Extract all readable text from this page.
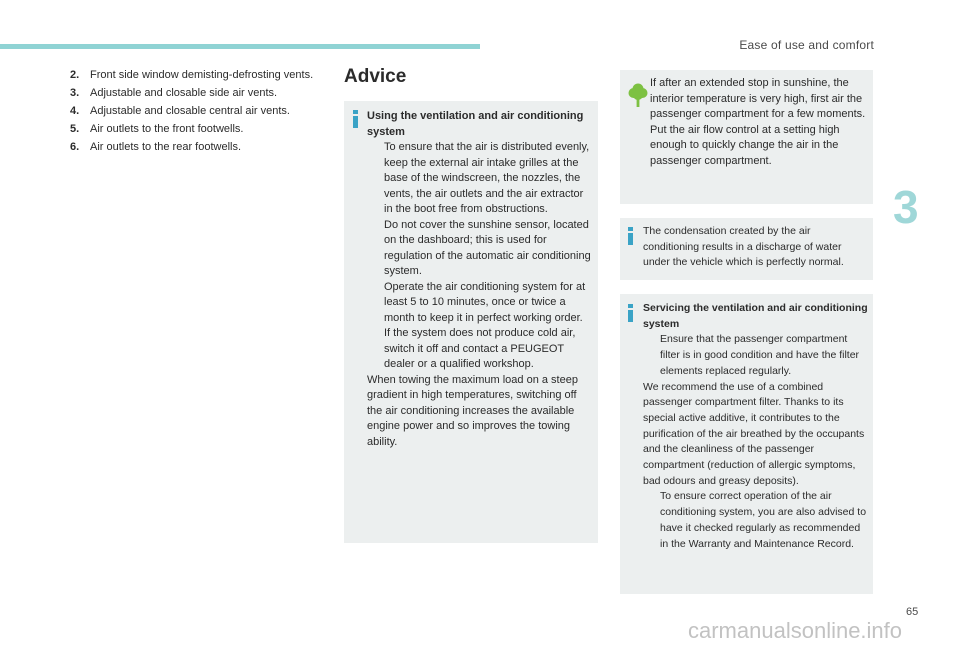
Ease of use and comfort
3
2. Front side window demisting-defrosting vents.
3. Adjustable and closable side air vents.
4. Adjustable and closable central air vents.
5. Air outlets to the front footwells.
6. Air outlets to the rear footwells.
Advice

Using the ventilation and air conditioning system

To ensure that the air is distributed evenly, keep the external air intake grilles at the base of the windscreen, the nozzles, the vents, the air outlets and the air extractor in the boot free from obstructions.
Do not cover the sunshine sensor, located on the dashboard; this is used for regulation of the automatic air conditioning system.
Operate the air conditioning system for at least 5 to 10 minutes, once or twice a month to keep it in perfect working order.
If the system does not produce cold air, switch it off and contact a PEUGEOT dealer or a qualified workshop.

When towing the maximum load on a steep gradient in high temperatures, switching off the air conditioning increases the available engine power and so improves the towing ability.

If after an extended stop in sunshine, the interior temperature is very high, first air the passenger compartment for a few moments.

Put the air flow control at a setting high enough to quickly change the air in the passenger compartment.

The condensation created by the air conditioning results in a discharge of water under the vehicle which is perfectly normal.

Servicing the ventilation and air conditioning system

Ensure that the passenger compartment filter is in good condition and have the filter elements replaced regularly.

We recommend the use of a combined passenger compartment filter. Thanks to its special active additive, it contributes to the purification of the air breathed by the occupants and the cleanliness of the passenger compartment (reduction of allergic symptoms, bad odours and greasy deposits).

To ensure correct operation of the air conditioning system, you are also advised to have it checked regularly as recommended in the Warranty and Maintenance Record.
65
carmanualsonline.info
